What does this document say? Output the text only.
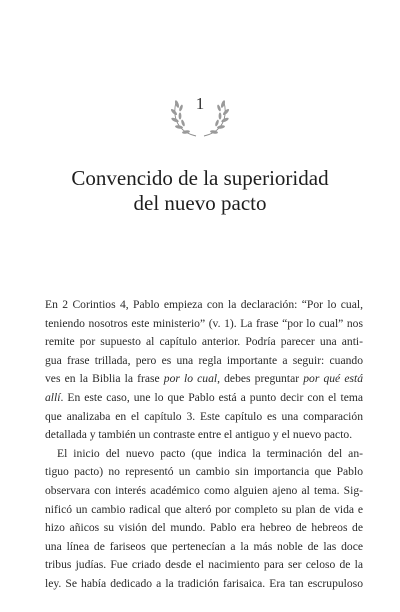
1
Convencido de la superioridad
del nuevo pacto
En 2 Corintios 4, Pablo empieza con la declaración: “Por lo cual,
teniendo nosotros este ministerio” (v. 1). La frase “por lo cual” nos
remite por supuesto al capítulo anterior. Podría parecer una anti-
gua frase trillada, pero es una regla importante a seguir: cuando
ves en la Biblia la frase por lo cual, debes preguntar por qué está
allí. En este caso, une lo que Pablo está a punto decir con el tema
que analizaba en el capítulo 3. Este capítulo es una comparación
detallada y también un contraste entre el antiguo y el nuevo pacto.
El inicio del nuevo pacto (que indica la terminación del an-
tiguo pacto) no representó un cambio sin importancia que Pablo
observara con interés académico como alguien ajeno al tema. Sig-
nificó un cambio radical que alteró por completo su plan de vida e
hizo añicos su visión del mundo. Pablo era hebreo de hebreos de
una línea de fariseos que pertenecían a la más noble de las doce
tribus judías. Fue criado desde el nacimiento para ser celoso de la
ley. Se había dedicado a la tradición farisaica. Era tan escrupuloso
